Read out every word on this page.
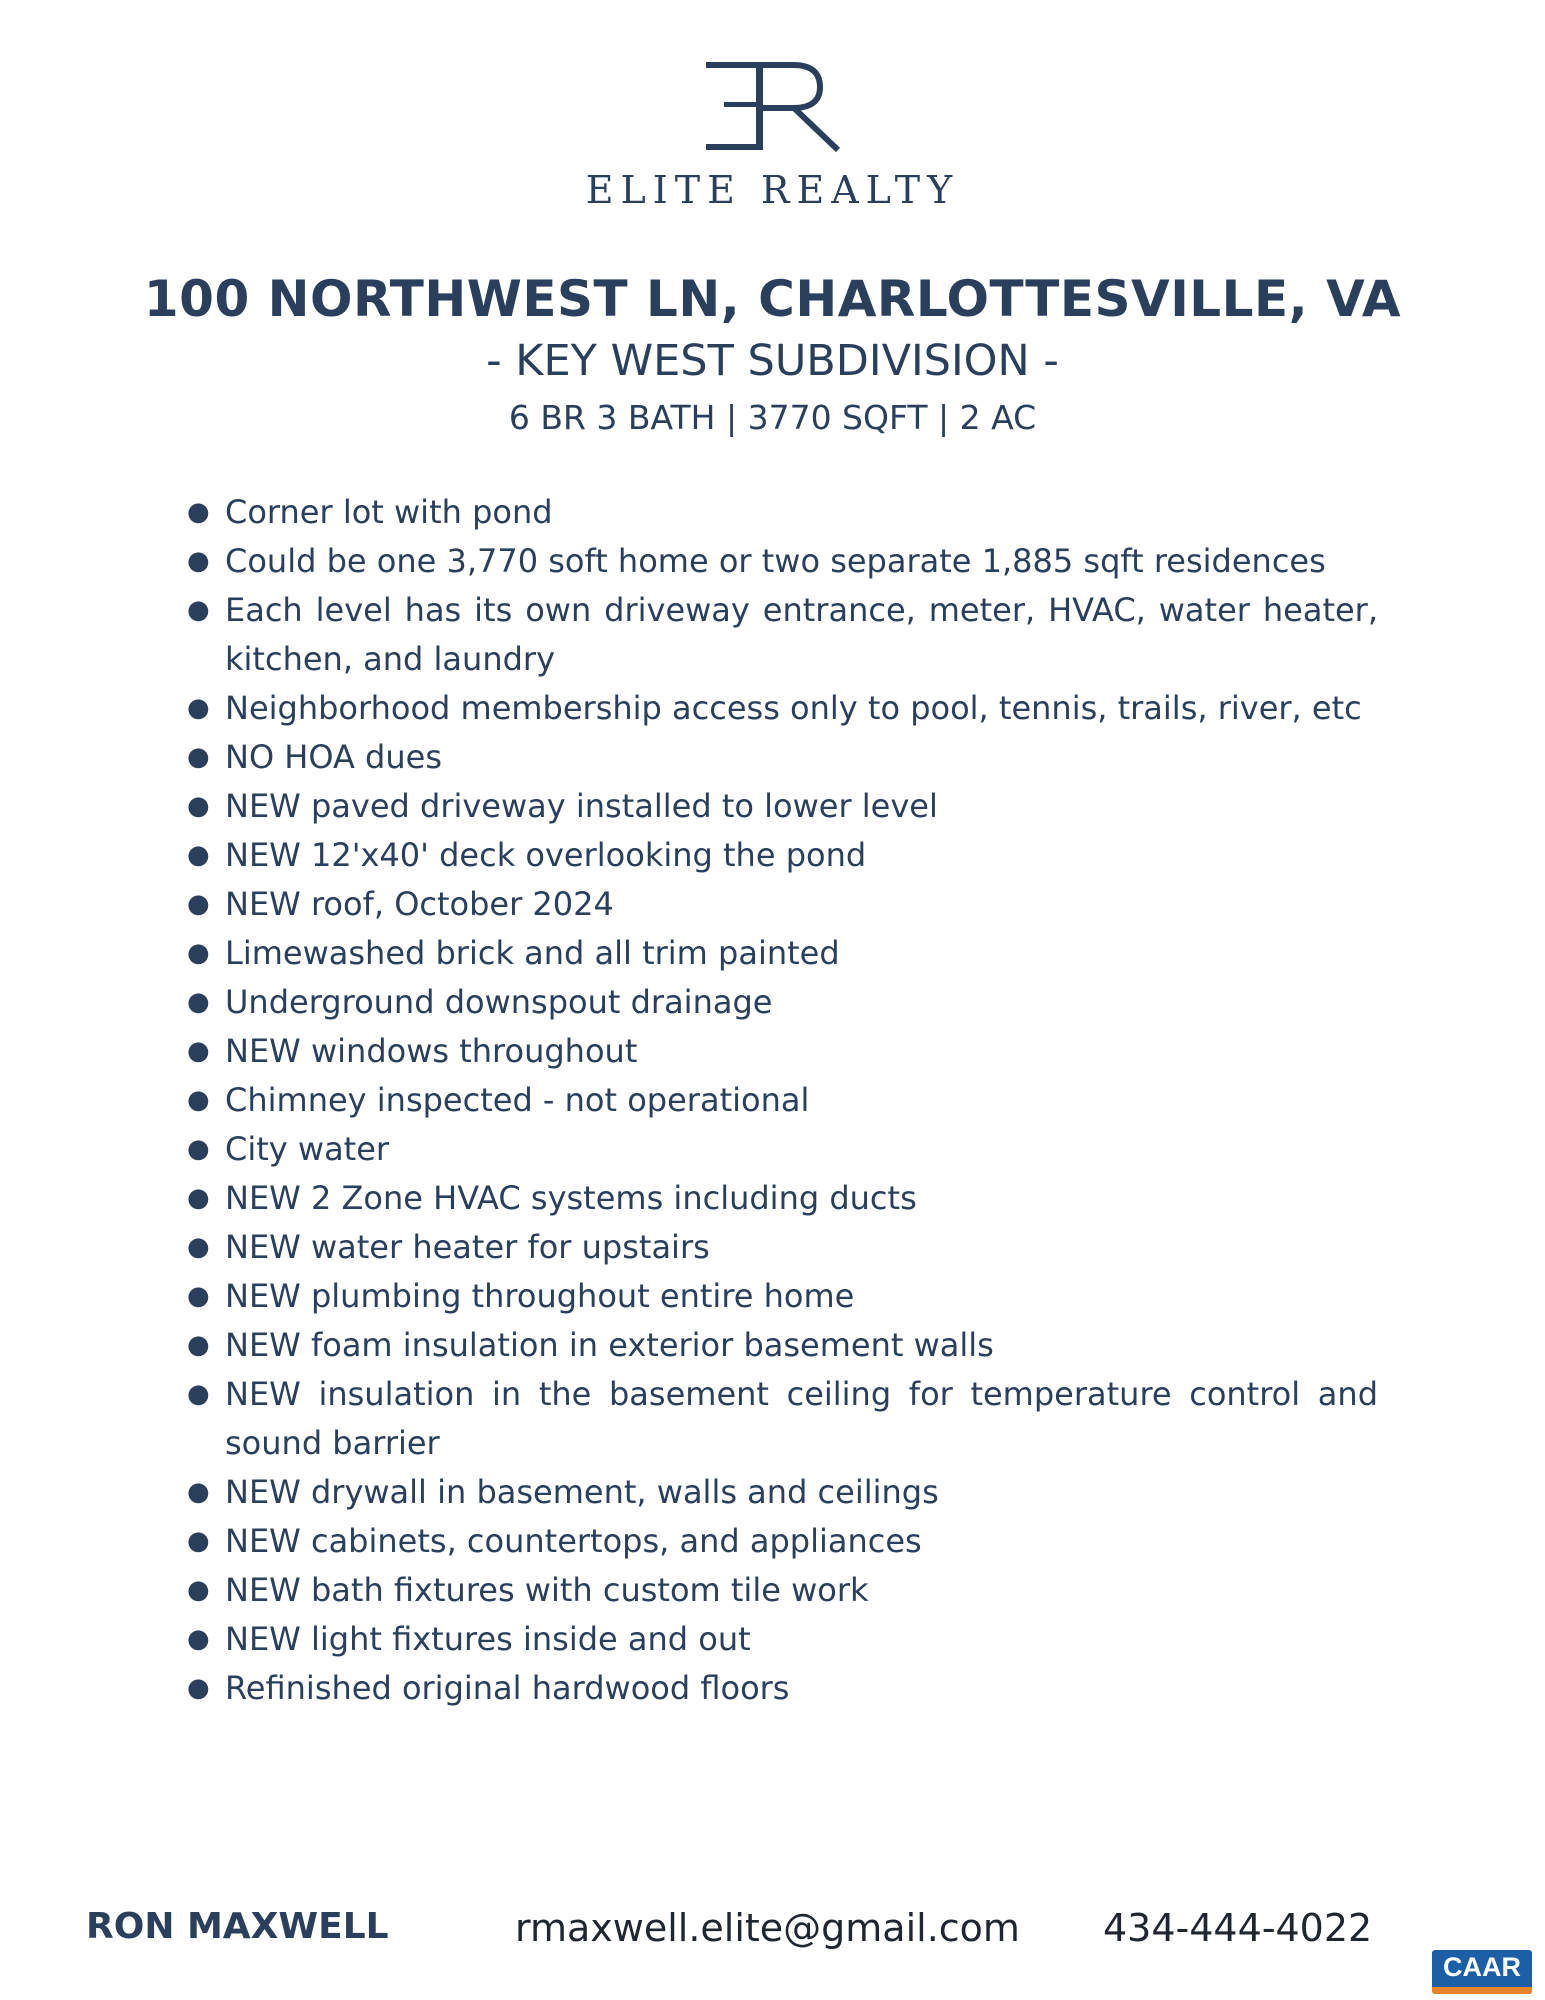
ELITE REALTY
100 NORTHWEST LN, CHARLOTTESVILLE, VA
- KEY WEST SUBDIVISION -
6 BR 3 BATH | 3770 SQFT | 2 AC
● Corner lot with pond
● Could be one 3,770 soft home or two separate 1,885 sqft residences
● Each level has its own driveway entrance, meter, HVAC, water heater, kitchen, and laundry
● Neighborhood membership access only to pool, tennis, trails, river, etc
● NO HOA dues
● NEW paved driveway installed to lower level
● NEW 12'x40' deck overlooking the pond
● NEW roof, October 2024
● Limewashed brick and all trim painted
● Underground downspout drainage
● NEW windows throughout
● Chimney inspected - not operational
● City water
● NEW 2 Zone HVAC systems including ducts
● NEW water heater for upstairs
● NEW plumbing throughout entire home
● NEW foam insulation in exterior basement walls
● NEW insulation in the basement ceiling for temperature control and sound barrier
● NEW drywall in basement, walls and ceilings
● NEW cabinets, countertops, and appliances
● NEW bath fixtures with custom tile work
● NEW light fixtures inside and out
● Refinished original hardwood floors
RON MAXWELL	rmaxwell.elite@gmail.com 434-444-4022
CAAR
